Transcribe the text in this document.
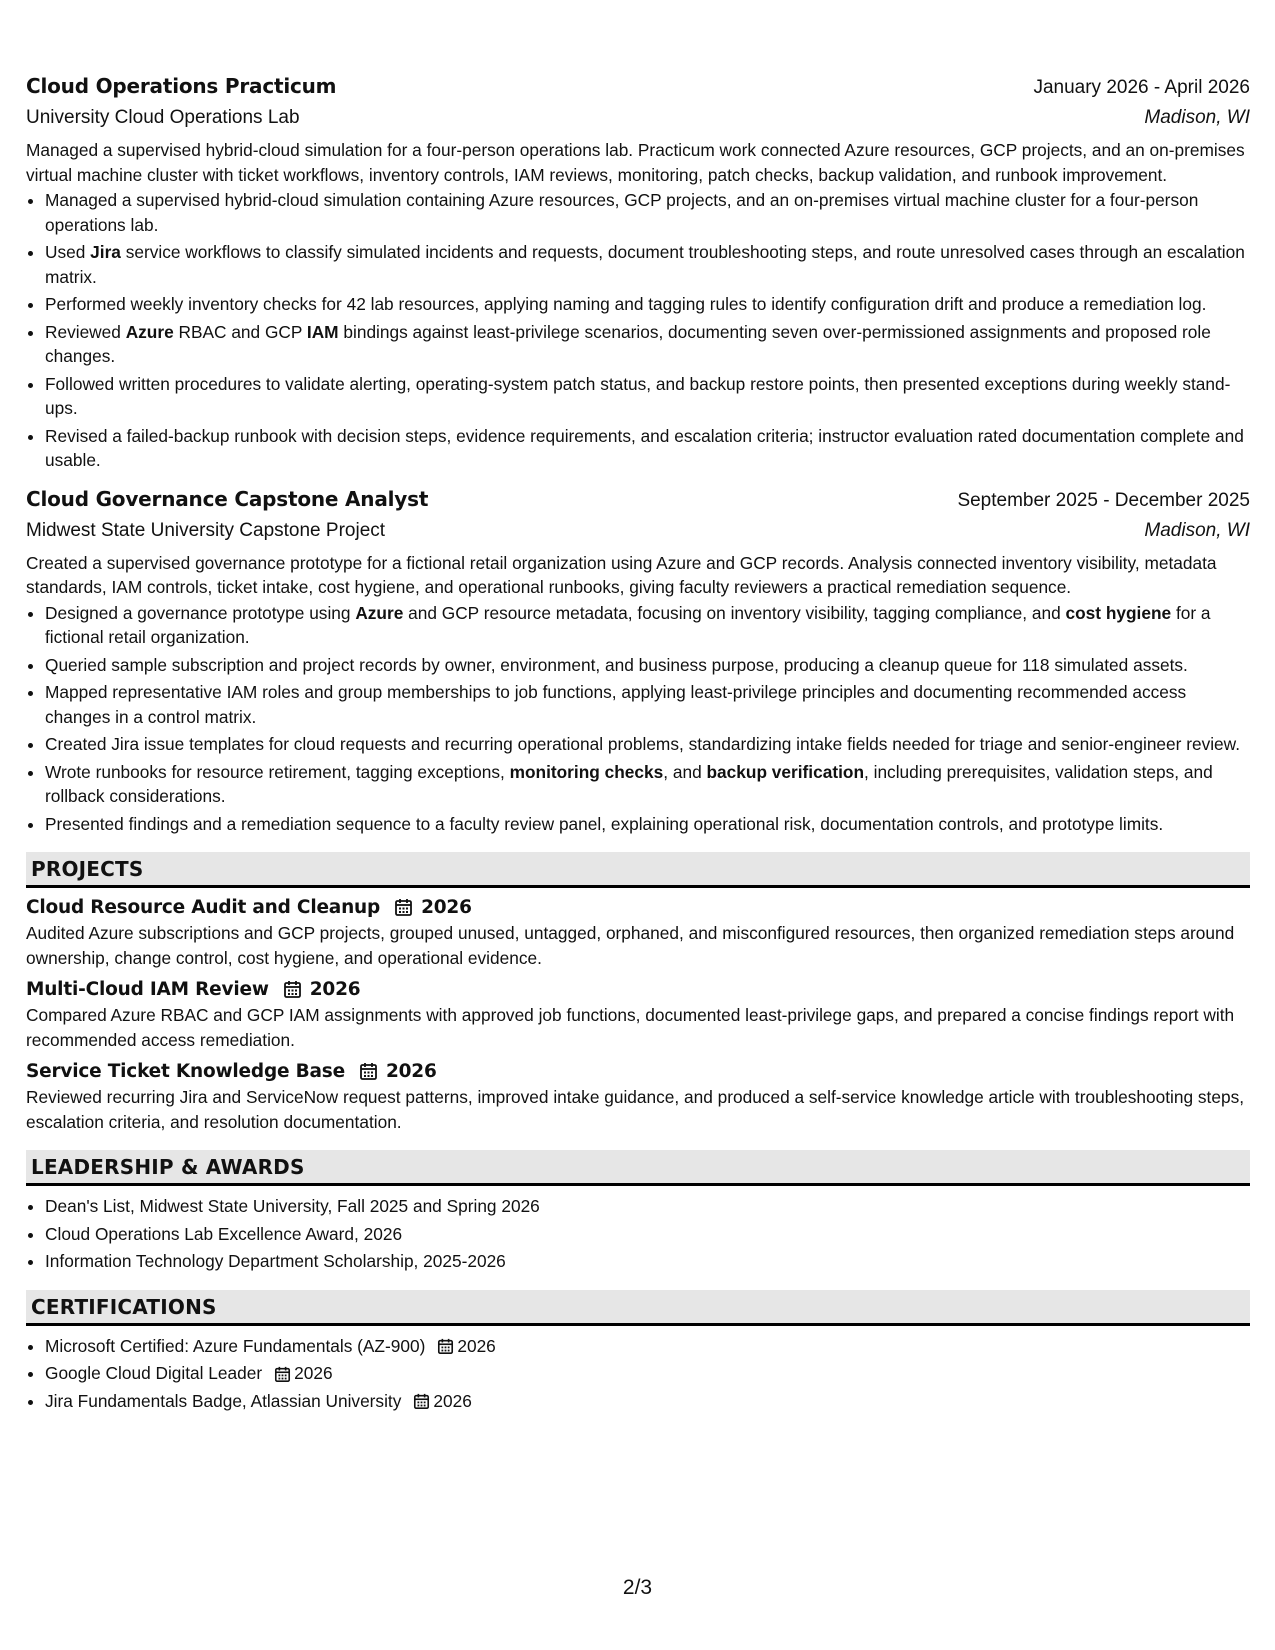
Cloud Operations Practicum	January 2026 - April 2026
University Cloud Operations Lab	Madison, WI
Managed a supervised hybrid-cloud simulation for a four-person operations lab. Practicum work connected Azure resources, GCP projects, and an on-premises virtual machine cluster with ticket workflows, inventory controls, IAM reviews, monitoring, patch checks, backup validation, and runbook improvement.
• Managed a supervised hybrid-cloud simulation containing Azure resources, GCP projects, and an on-premises virtual machine cluster for a four-person operations lab.
• Used Jira service workflows to classify simulated incidents and requests, document troubleshooting steps, and route unresolved cases through an escalation matrix.
• Performed weekly inventory checks for 42 lab resources, applying naming and tagging rules to identify configuration drift and produce a remediation log.
• Reviewed Azure RBAC and GCP IAM bindings against least-privilege scenarios, documenting seven over-permissioned assignments and proposed role changes.
• Followed written procedures to validate alerting, operating-system patch status, and backup restore points, then presented exceptions during weekly stand-ups.
• Revised a failed-backup runbook with decision steps, evidence requirements, and escalation criteria; instructor evaluation rated documentation complete and usable.
Cloud Governance Capstone Analyst	September 2025 - December 2025
Midwest State University Capstone Project	Madison, WI
Created a supervised governance prototype for a fictional retail organization using Azure and GCP records. Analysis connected inventory visibility, metadata standards, IAM controls, ticket intake, cost hygiene, and operational runbooks, giving faculty reviewers a practical remediation sequence.
• Designed a governance prototype using Azure and GCP resource metadata, focusing on inventory visibility, tagging compliance, and cost hygiene for a fictional retail organization.
• Queried sample subscription and project records by owner, environment, and business purpose, producing a cleanup queue for 118 simulated assets.
• Mapped representative IAM roles and group memberships to job functions, applying least-privilege principles and documenting recommended access changes in a control matrix.
• Created Jira issue templates for cloud requests and recurring operational problems, standardizing intake fields needed for triage and senior-engineer review.
• Wrote runbooks for resource retirement, tagging exceptions, monitoring checks, and backup verification, including prerequisites, validation steps, and rollback considerations.
• Presented findings and a remediation sequence to a faculty review panel, explaining operational risk, documentation controls, and prototype limits.
PROJECTS
Cloud Resource Audit and Cleanup 2026
Audited Azure subscriptions and GCP projects, grouped unused, untagged, orphaned, and misconfigured resources, then organized remediation steps around ownership, change control, cost hygiene, and operational evidence.
Multi-Cloud IAM Review 2026
Compared Azure RBAC and GCP IAM assignments with approved job functions, documented least-privilege gaps, and prepared a concise findings report with recommended access remediation.
Service Ticket Knowledge Base 2026
Reviewed recurring Jira and ServiceNow request patterns, improved intake guidance, and produced a self-service knowledge article with troubleshooting steps, escalation criteria, and resolution documentation.
LEADERSHIP & AWARDS
• Dean's List, Midwest State University, Fall 2025 and Spring 2026
• Cloud Operations Lab Excellence Award, 2026
• Information Technology Department Scholarship, 2025-2026
CERTIFICATIONS
• Microsoft Certified: Azure Fundamentals (AZ-900) 2026
• Google Cloud Digital Leader 2026
• Jira Fundamentals Badge, Atlassian University 2026
2/3
